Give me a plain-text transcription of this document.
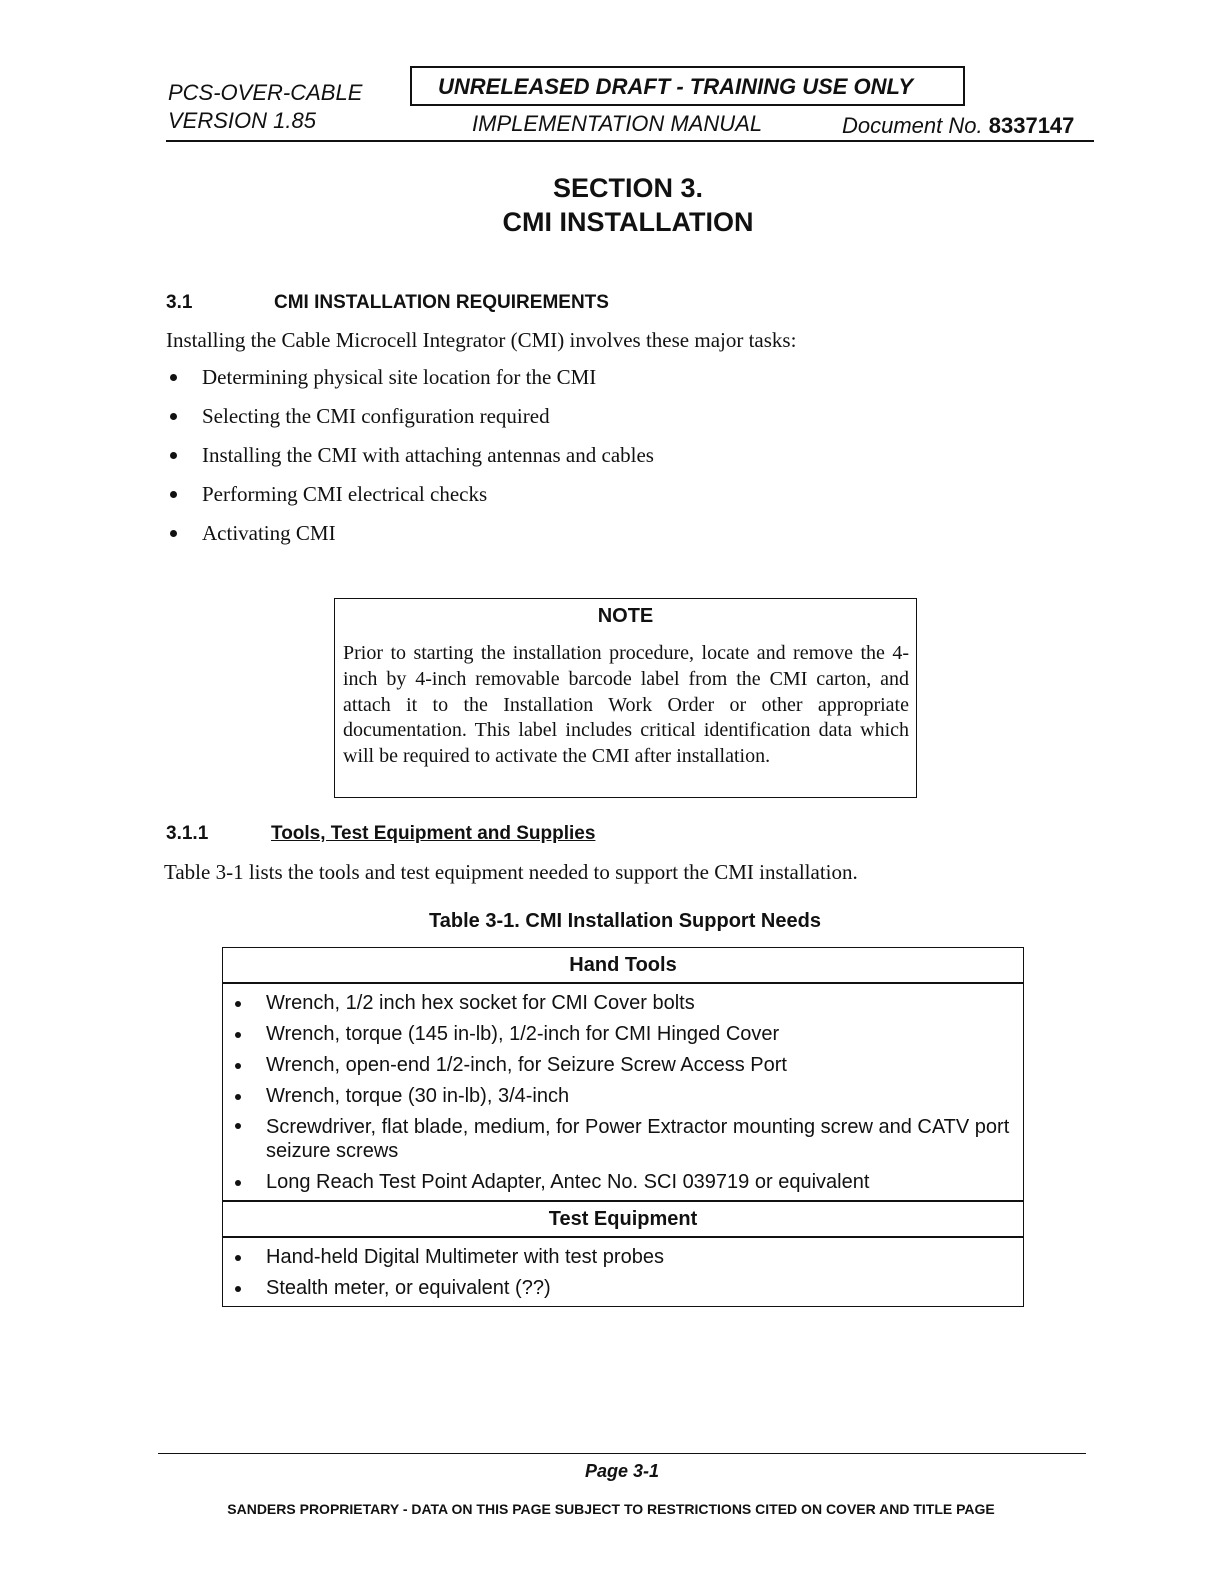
PCS-OVER-CABLE
VERSION 1.85
UNRELEASED DRAFT - TRAINING USE ONLY
IMPLEMENTATION MANUAL	Document No. 8337147
SECTION 3.
CMI INSTALLATION
3.1	CMI INSTALLATION REQUIREMENTS
Installing the Cable Microcell Integrator (CMI) involves these major tasks:
Determining physical site location for the CMI
Selecting the CMI configuration required
Installing the CMI with attaching antennas and cables
Performing CMI electrical checks
Activating CMI
NOTE
Prior to starting the installation procedure, locate and remove the 4-inch by 4-inch removable barcode label from the CMI carton, and attach it to the Installation Work Order or other appropriate documentation. This label includes critical identification data which will be required to activate the CMI after installation.
3.1.1	Tools, Test Equipment and Supplies
Table 3-1 lists the tools and test equipment needed to support the CMI installation.
Table 3-1. CMI Installation Support Needs
Hand Tools
Wrench, 1/2 inch hex socket for CMI Cover bolts
Wrench, torque (145 in-lb), 1/2-inch for CMI Hinged Cover
Wrench, open-end 1/2-inch, for Seizure Screw Access Port
Wrench, torque (30 in-lb), 3/4-inch
Screwdriver, flat blade, medium, for Power Extractor mounting screw and CATV port seizure screws
Long Reach Test Point Adapter, Antec No. SCI 039719 or equivalent
Test Equipment
Hand-held Digital Multimeter with test probes
Stealth meter, or equivalent (??)
Page 3-1
SANDERS PROPRIETARY - DATA ON THIS PAGE SUBJECT TO RESTRICTIONS CITED ON COVER AND TITLE PAGE
